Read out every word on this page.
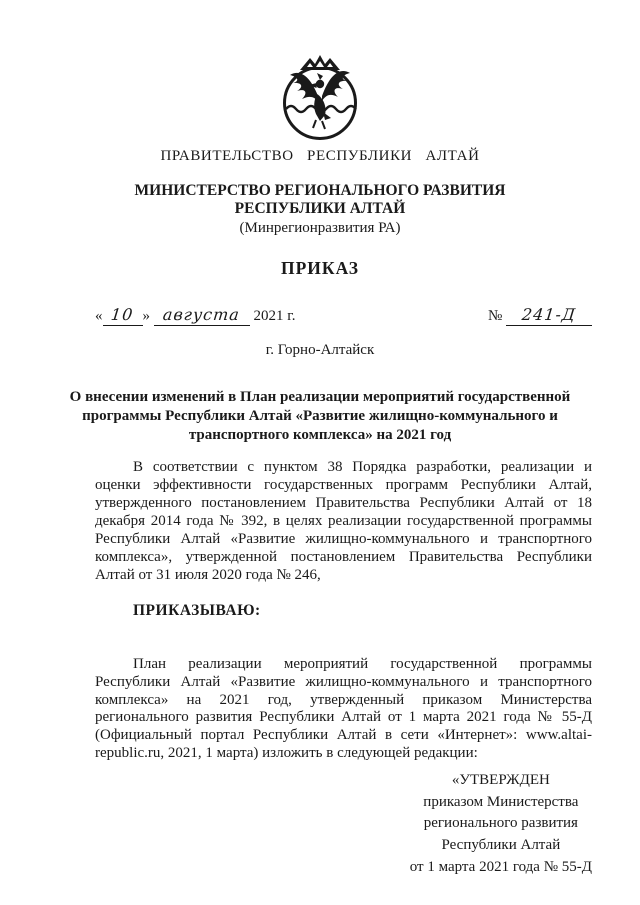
ПРАВИТЕЛЬСТВО РЕСПУБЛИКИ АЛТАЙ
МИНИСТЕРСТВО РЕГИОНАЛЬНОГО РАЗВИТИЯ
РЕСПУБЛИКИ АЛТАЙ
(Минрегионразвития РА)
ПРИКАЗ
« 10 » августа 2021 г.	№ 241-Д
г. Горно-Алтайск
О внесении изменений в План реализации мероприятий государственной программы Республики Алтай «Развитие жилищно-коммунального и транспортного комплекса» на 2021 год

В соответствии с пунктом 38 Порядка разработки, реализации и оценки эффективности государственных программ Республики Алтай, утвержденного постановлением Правительства Республики Алтай от 18 декабря 2014 года № 392, в целях реализации государственной программы Республики Алтай «Развитие жилищно-коммунального и транспортного комплекса», утвержденной постановлением Правительства Республики Алтай от 31 июля 2020 года № 246,

ПРИКАЗЫВАЮ:

План реализации мероприятий государственной программы Республики Алтай «Развитие жилищно-коммунального и транспортного комплекса» на 2021 год, утвержденный приказом Министерства регионального развития Республики Алтай от 1 марта 2021 года № 55-Д (Официальный портал Республики Алтай в сети «Интернет»: www.altai-republic.ru, 2021, 1 марта) изложить в следующей редакции:

«УТВЕРЖДЕН
приказом Министерства
регионального развития
Республики Алтай
от 1 марта 2021 года № 55-Д
